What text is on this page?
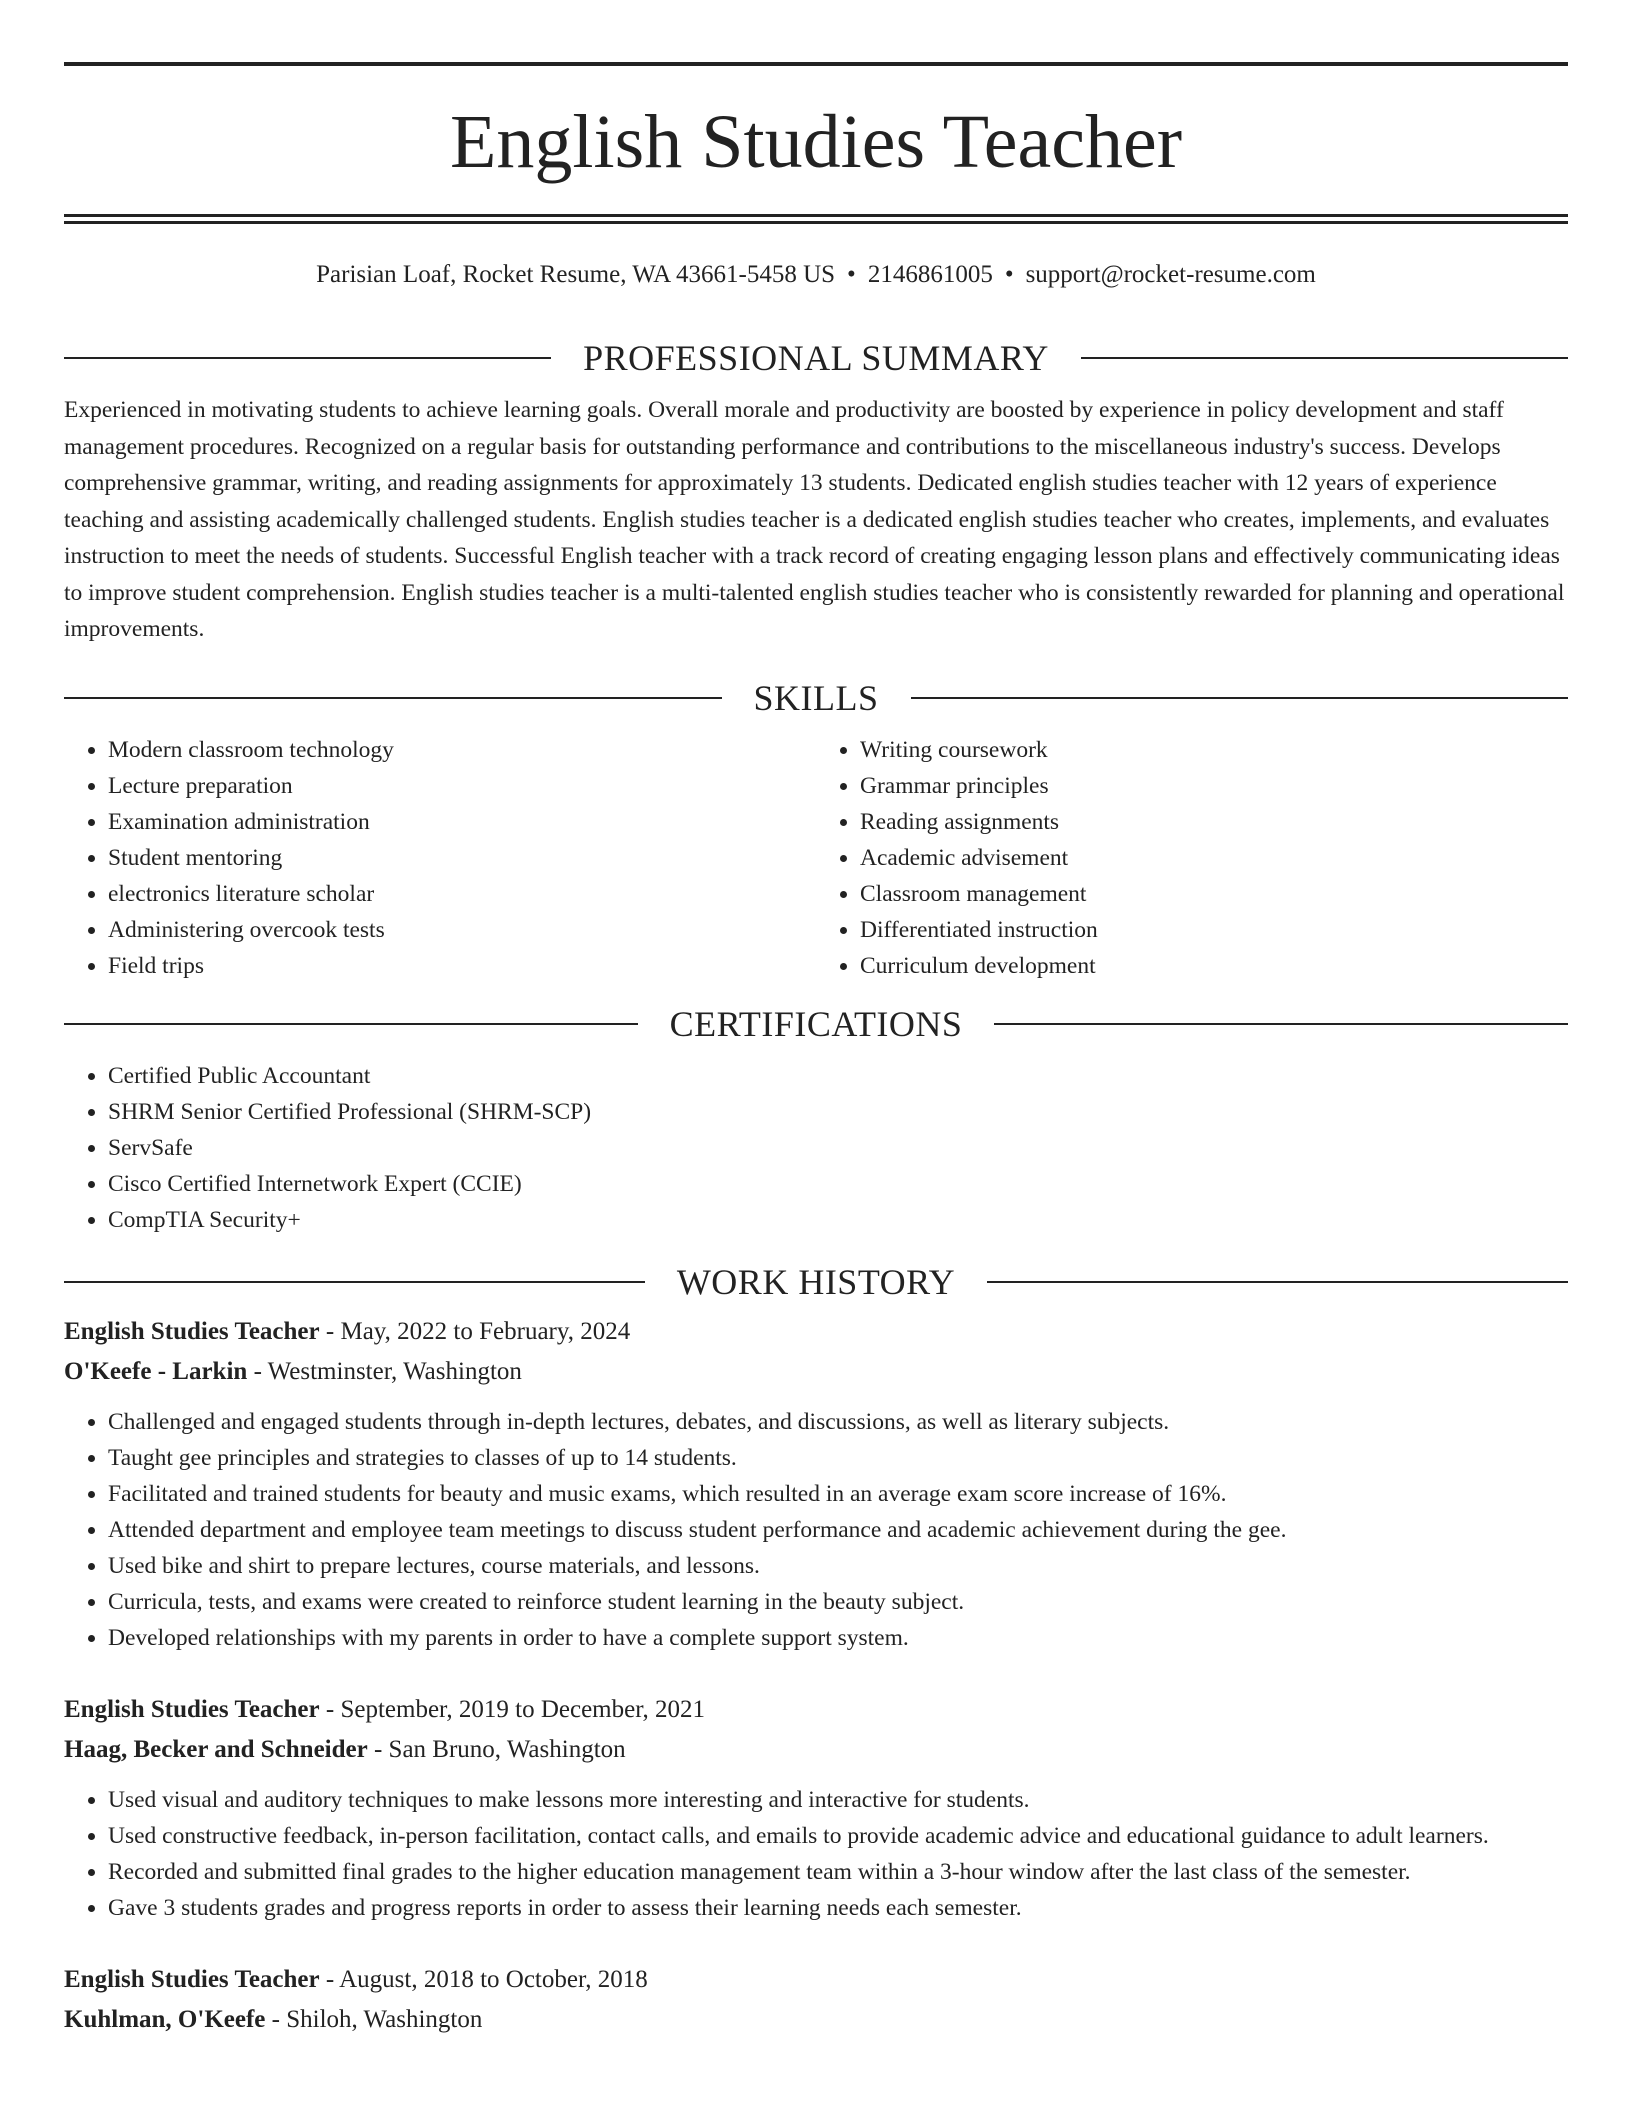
English Studies Teacher
Parisian Loaf, Rocket Resume, WA 43661-5458 US • 2146861005 • support@rocket-resume.com
PROFESSIONAL SUMMARY

Experienced in motivating students to achieve learning goals. Overall morale and productivity are boosted by experience in policy development and staff management procedures. Recognized on a regular basis for outstanding performance and contributions to the miscellaneous industry's success. Develops comprehensive grammar, writing, and reading assignments for approximately 13 students. Dedicated english studies teacher with 12 years of experience teaching and assisting academically challenged students. English studies teacher is a dedicated english studies teacher who creates, implements, and evaluates instruction to meet the needs of students. Successful English teacher with a track record of creating engaging lesson plans and effectively communicating ideas to improve student comprehension. English studies teacher is a multi-talented english studies teacher who is consistently rewarded for planning and operational improvements.

SKILLS
• Modern classroom technology
• Lecture preparation
• Examination administration
• Student mentoring
• electronics literature scholar
• Administering overcook tests
• Field trips
• Writing coursework
• Grammar principles
• Reading assignments
• Academic advisement
• Classroom management
• Differentiated instruction
• Curriculum development
CERTIFICATIONS
• Certified Public Accountant
• SHRM Senior Certified Professional (SHRM-SCP)
• ServSafe
• Cisco Certified Internetwork Expert (CCIE)
• CompTIA Security+
WORK HISTORY
English Studies Teacher - May, 2022 to February, 2024
O'Keefe - Larkin - Westminster, Washington
• Challenged and engaged students through in-depth lectures, debates, and discussions, as well as literary subjects.
• Taught gee principles and strategies to classes of up to 14 students.
• Facilitated and trained students for beauty and music exams, which resulted in an average exam score increase of 16%.
• Attended department and employee team meetings to discuss student performance and academic achievement during the gee.
• Used bike and shirt to prepare lectures, course materials, and lessons.
• Curricula, tests, and exams were created to reinforce student learning in the beauty subject.
• Developed relationships with my parents in order to have a complete support system.
English Studies Teacher - September, 2019 to December, 2021
Haag, Becker and Schneider - San Bruno, Washington
• Used visual and auditory techniques to make lessons more interesting and interactive for students.
• Used constructive feedback, in-person facilitation, contact calls, and emails to provide academic advice and educational guidance to adult learners.
• Recorded and submitted final grades to the higher education management team within a 3-hour window after the last class of the semester.
• Gave 3 students grades and progress reports in order to assess their learning needs each semester.
English Studies Teacher - August, 2018 to October, 2018
Kuhlman, O'Keefe - Shiloh, Washington
